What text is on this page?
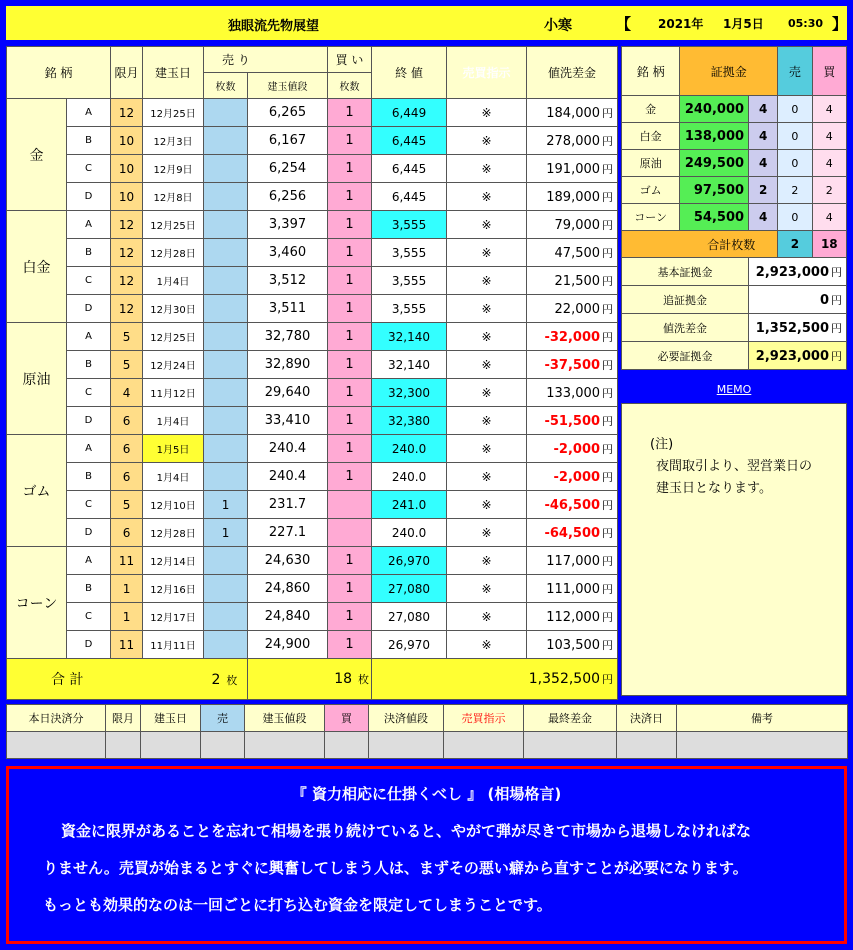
独眼流先物展望	小寒	【 2021年 1月5日 05:30 】
銘 柄		限月	建玉日	売 り		買 い	終 値	売買指示	値洗差金
				枚数	建玉値段	枚数			
金	A	12	12月25日		6,265	1	6,449	※	184,000 円
	B	10	12月3日		6,167	1	6,445	※	278,000 円
	C	10	12月9日		6,254	1	6,445	※	191,000 円
	D	10	12月8日		6,256	1	6,445	※	189,000 円
白金	A	12	12月25日		3,397	1	3,555	※	79,000 円
	B	12	12月28日		3,460	1	3,555	※	47,500 円
	C	12	1月4日		3,512	1	3,555	※	21,500 円
	D	12	12月30日		3,511	1	3,555	※	22,000 円
原油	A	5	12月25日		32,780	1	32,140	※	-32,000 円
	B	5	12月24日		32,890	1	32,140	※	-37,500 円
	C	4	11月12日		29,640	1	32,300	※	133,000 円
	D	6	1月4日		33,410	1	32,380	※	-51,500 円
ゴム	A	6	1月5日		240.4	1	240.0	※	-2,000 円
	B	6	1月4日		240.4	1	240.0	※	-2,000 円
	C	5	12月10日	1	231.7		241.0	※	-46,500 円
	D	6	12月28日	1	227.1		240.0	※	-64,500 円
コーン	A	11	12月14日		24,630	1	26,970	※	117,000 円
	B	1	12月16日		24,860	1	27,080	※	111,000 円
	C	1	12月17日		24,840	1	27,080	※	112,000 円
	D	11	11月11日		24,900	1	26,970	※	103,500 円
合 計 2 枚					18 枚		1,352,500 円		
銘 柄	証拠金		売	買
金	240,000	4	0	4
白金	138,000	4	0	4
原油	249,500	4	0	4
ゴム	97,500	2	2	2
コーン	54,500	4	0	4
合計枚数			2	18
基本証拠金		2,923,000 円		
追証拠金		0 円		
値洗差金		1,352,500 円		
必要証拠金		2,923,000 円		
MEMO
(注)
夜間取引より、翌営業日の
建玉日となります。
本日決済分	限月	建玉日	売	建玉値段	買	決済値段	売買指示	最終差金	決済日	備考

『 資力相応に仕掛くべし 』 (相場格言)
資金に限界があることを忘れて相場を張り続けていると、やがて弾が尽きて市場から退場しなければな
りません。売買が始まるとすぐに興奮してしまう人は、まずその悪い癖から直すことが必要になります。
もっとも効果的なのは一回ごとに打ち込む資金を限定してしまうことです。
